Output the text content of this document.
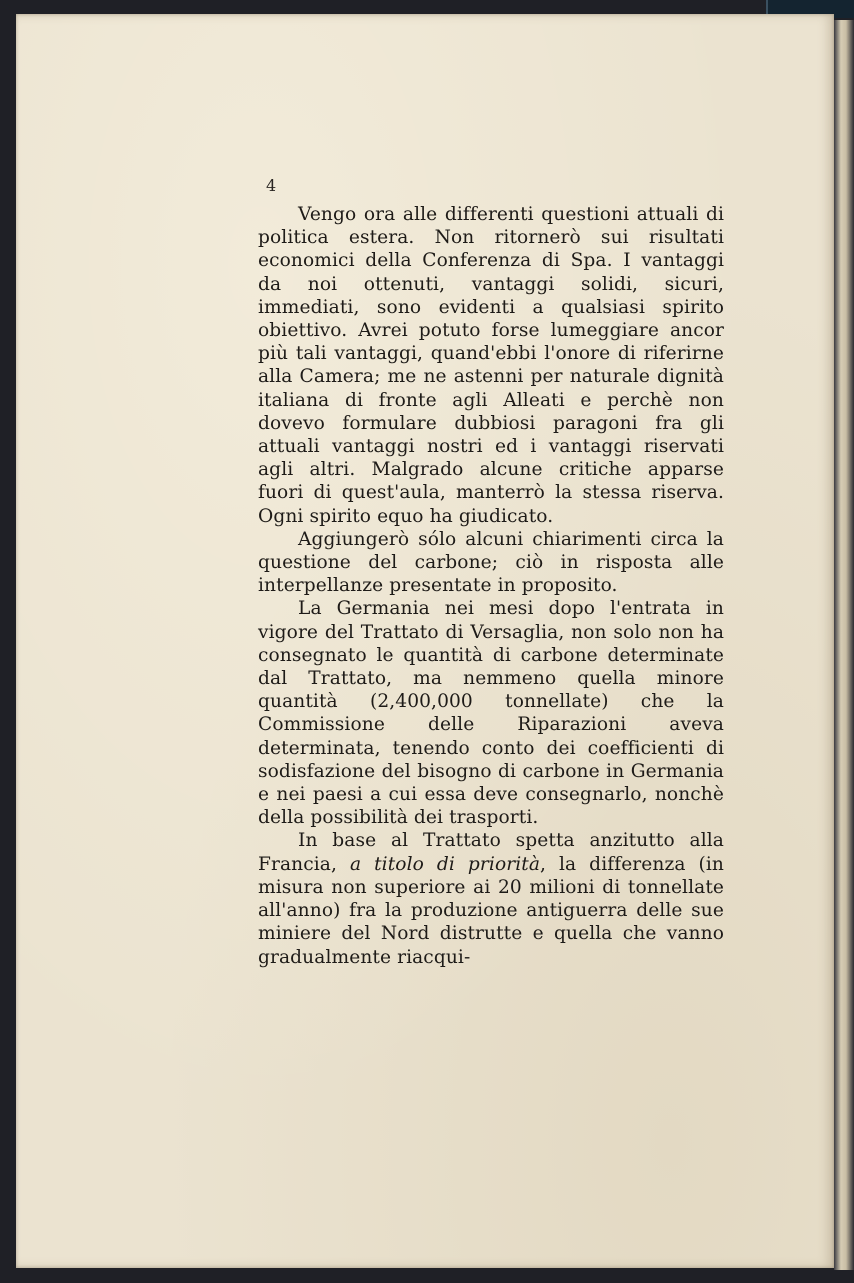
4

Vengo ora alle differenti questioni attuali di politica estera. Non ritornerò sui risultati economici della Conferenza di Spa. I vantaggi da noi ottenuti, vantaggi solidi, sicuri, immediati, sono evidenti a qualsiasi spirito obiettivo. Avrei potuto forse lumeggiare ancor più tali vantaggi, quand'ebbi l'onore di riferirne alla Camera; me ne astenni per naturale dignità italiana di fronte agli Alleati e perchè non dovevo formulare dubbiosi paragoni fra gli attuali vantaggi nostri ed i vantaggi riservati agli altri. Malgrado alcune critiche apparse fuori di quest'aula, manterrò la stessa riserva. Ogni spirito equo ha giudicato.

Aggiungerò sólo alcuni chiarimenti circa la questione del carbone; ciò in risposta alle interpellanze presentate in proposito.

La Germania nei mesi dopo l'entrata in vigore del Trattato di Versaglia, non solo non ha consegnato le quantità di carbone determinate dal Trattato, ma nemmeno quella minore quantità (2,400,000 tonnellate) che la Commissione delle Riparazioni aveva determinata, tenendo conto dei coefficienti di sodisfazione del bisogno di carbone in Germania e nei paesi a cui essa deve consegnarlo, nonchè della possibilità dei trasporti.

In base al Trattato spetta anzitutto alla Francia, a titolo di priorità, la differenza (in misura non superiore ai 20 milioni di tonnellate all'anno) fra la produzione antiguerra delle sue miniere del Nord distrutte e quella che vanno gradualmente riacqui-
